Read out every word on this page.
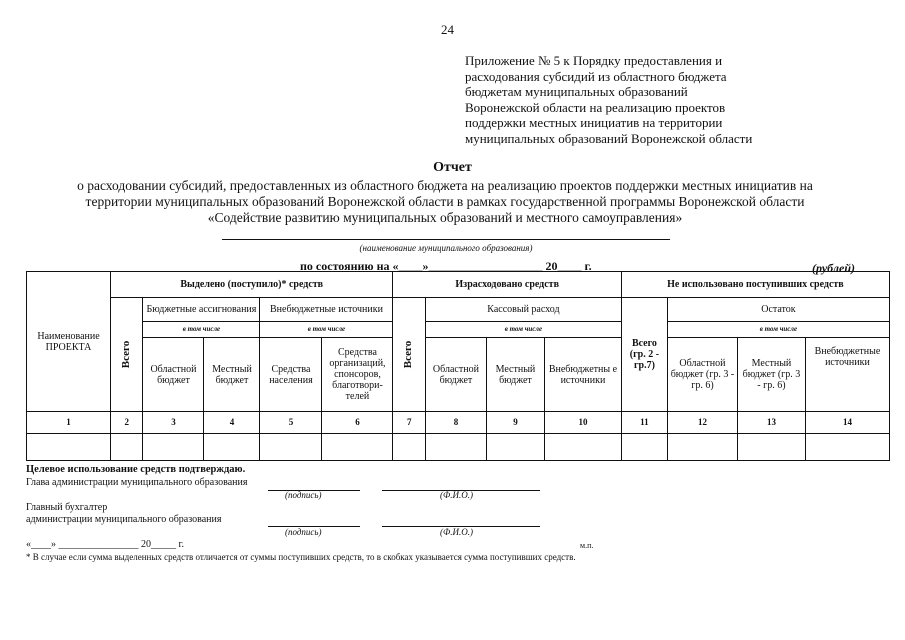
24
Приложение № 5 к Порядку предоставления и
расходования субсидий из областного бюджета
бюджетам муниципальных образований
Воронежской области на реализацию проектов
поддержки местных инициатив на территории
муниципальных образований Воронежской области
Отчет
о расходовании субсидий, предоставленных из областного бюджета на реализацию проектов поддержки местных инициатив на
территории муниципальных образований Воронежской области в рамках государственной программы Воронежской области
«Содействие развитию муниципальных образований и местного самоуправления»
(наименование муниципального образования)
по состоянию на «____»___________________ 20____ г.	(рублей)
Наименование ПРОЕКТА	Выделено (поступило)* средств					Израсходовано средств				Не использовано поступивших средств			
	Всего	Бюджетные ассигнования		Внебюджетные источники		Всего	Кассовый расход			Всего (гр. 2 - гр.7)	Остаток		
		в том числе		в том числе			в том числе				в том числе		
		Областной бюджет	Местный бюджет	Средства населения	Средства организаций, спонсоров, благотвори-телей		Областной бюджет	Местный бюджет	Внебюджетны е источники		Областной бюджет (гр. 3 - гр. 6)	Местный бюджет (гр. 3 - гр. 6)	Внебюджетные источники

1	2	3	4	5	6	7	8	9	10	11	12	13	14

Целевое использование средств подтверждаю.
Глава администрации муниципального образования
(подпись)	(Ф.И.О.)
Главный бухгалтер
администрации муниципального образования
(подпись)	(Ф.И.О.)
«____» ________________ 20_____ г.	м.п.
* В случае если сумма выделенных средств отличается от суммы поступивших средств, то в скобках указывается сумма поступивших средств.
